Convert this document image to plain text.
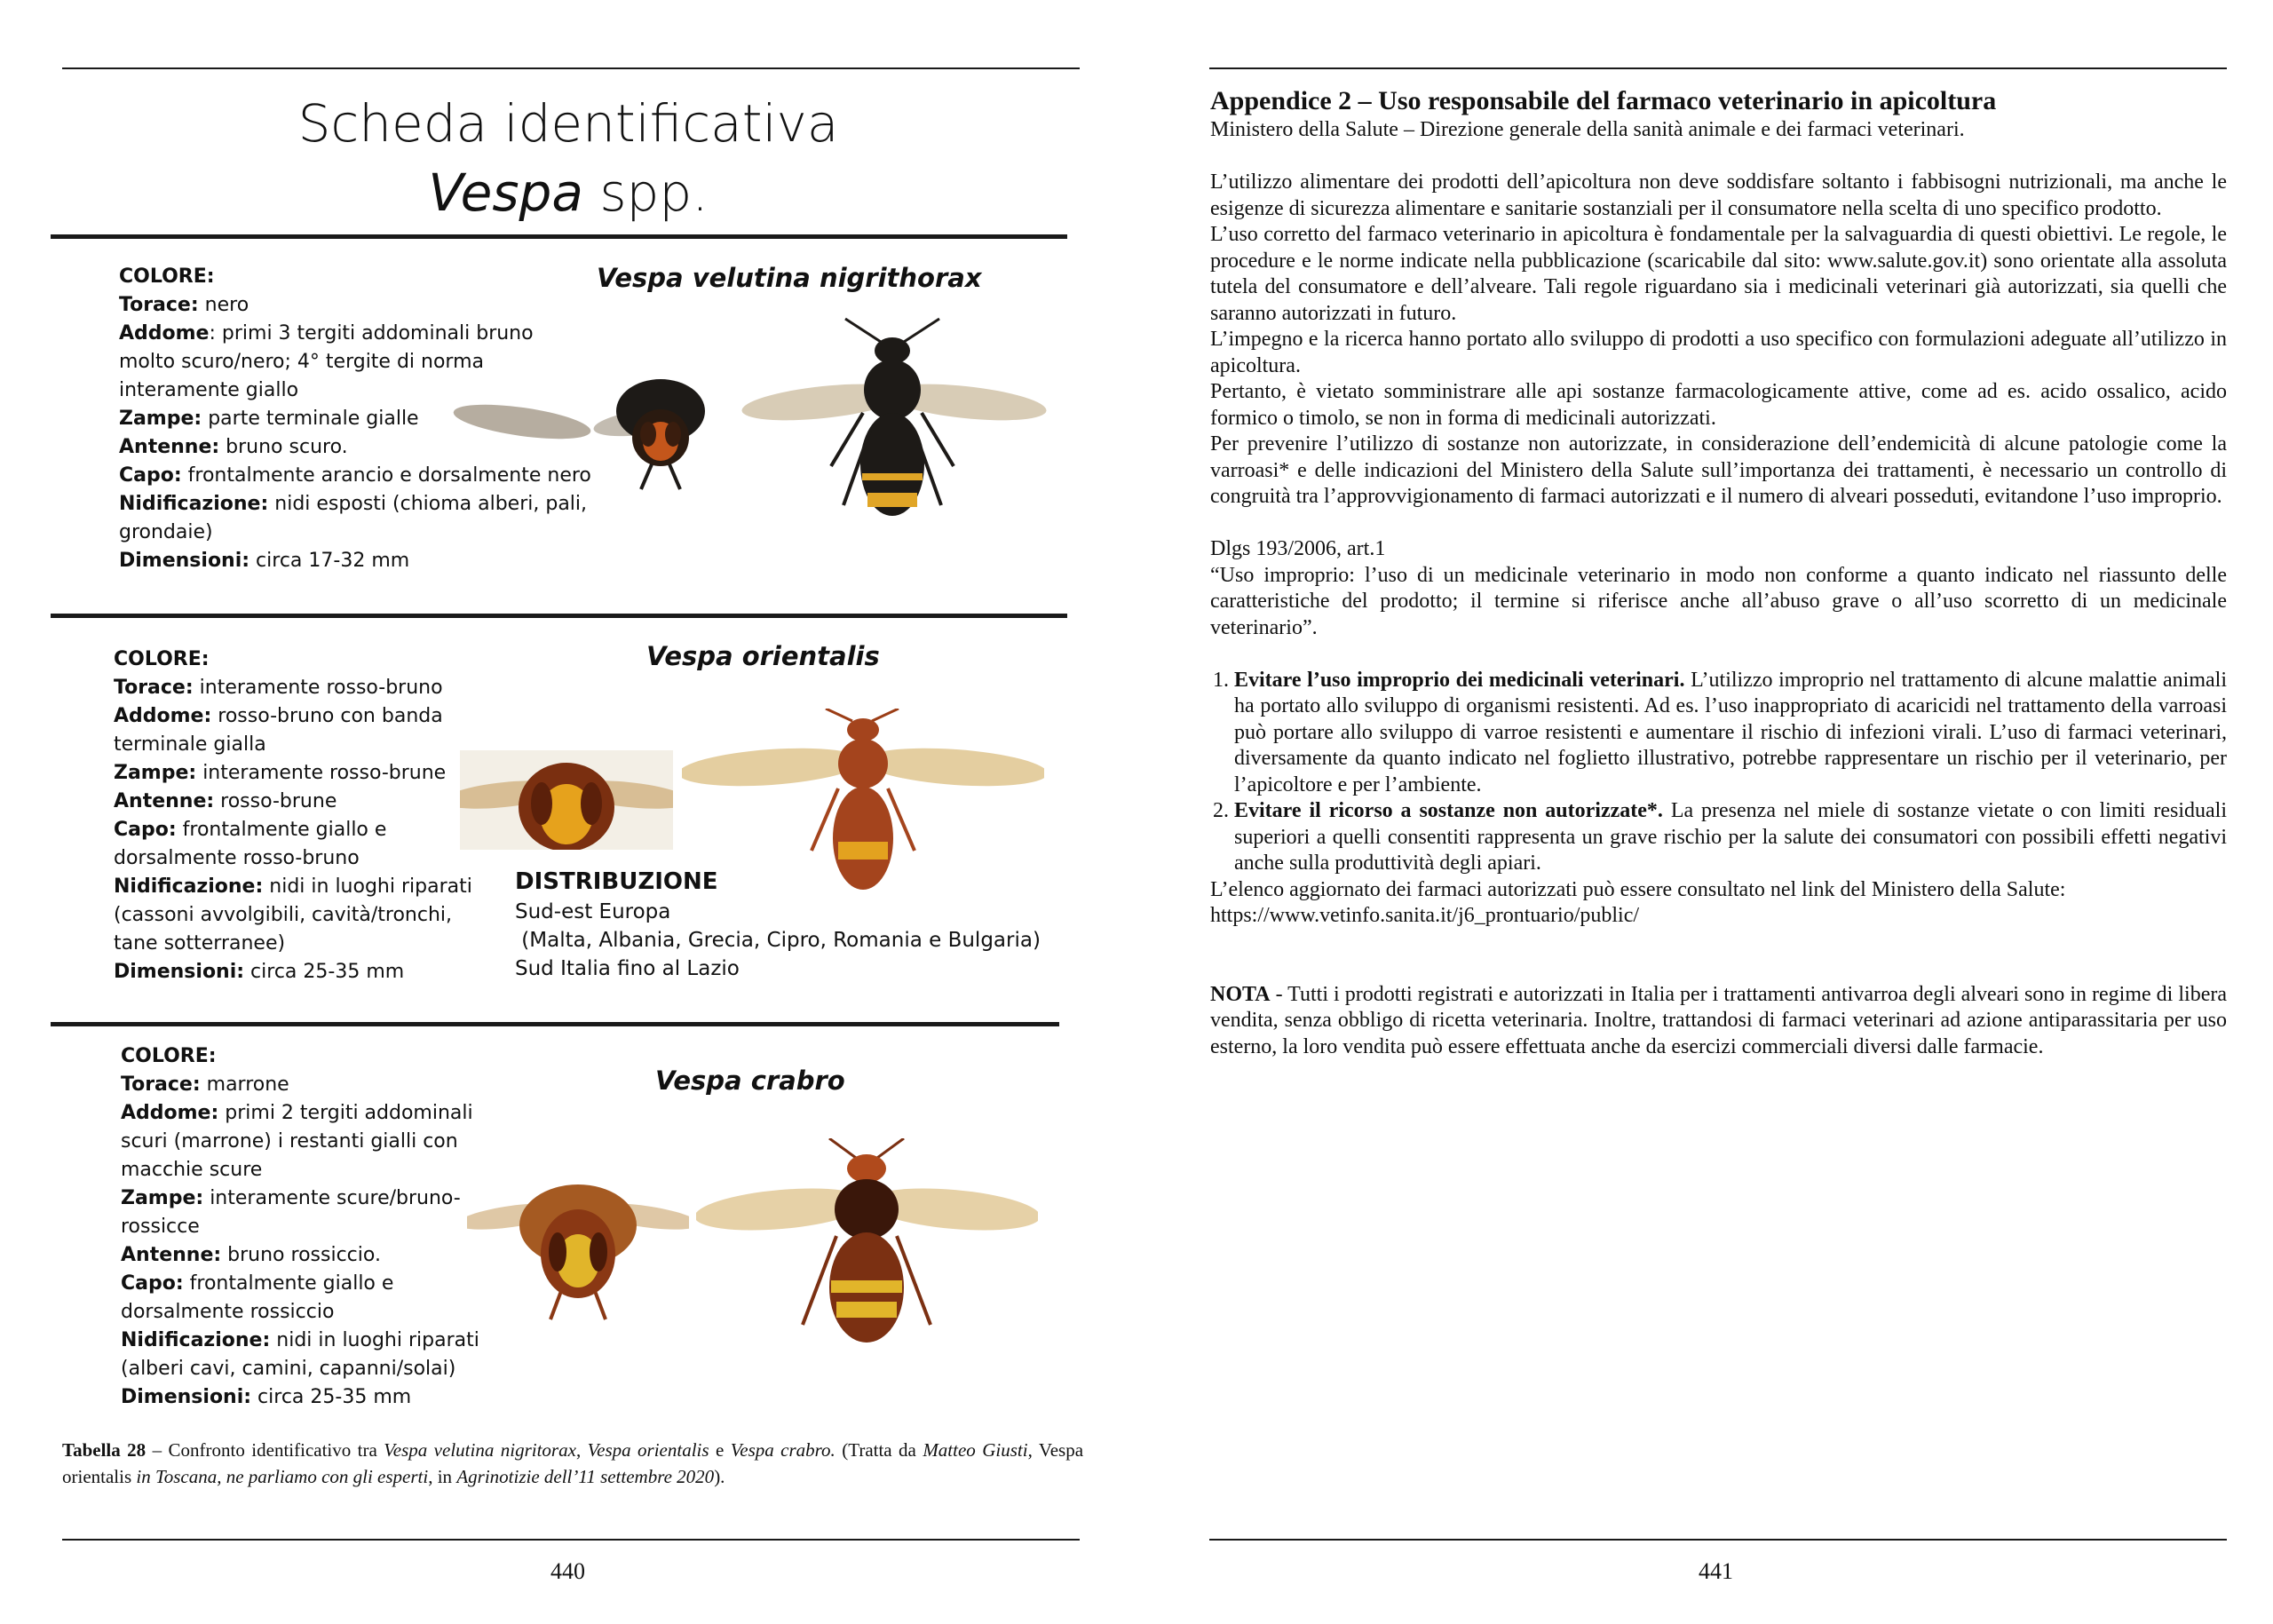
Scheda identificativa
Vespa spp.
Vespa velutina nigrithorax
COLORE:
Torace: nero
Addome: primi 3 tergiti addominali bruno
molto scuro/nero; 4° tergite di norma
interamente giallo
Zampe: parte terminale gialle
Antenne: bruno scuro.
Capo: frontalmente arancio e dorsalmente nero
Nidificazione: nidi esposti (chioma alberi, pali,
grondaie)
Dimensioni: circa 17-32 mm
Vespa orientalis
COLORE:
Torace: interamente rosso-bruno
Addome: rosso-bruno con banda
terminale gialla
Zampe: interamente rosso-brune
Antenne: rosso-brune
Capo: frontalmente giallo e
dorsalmente rosso-bruno
Nidificazione: nidi in luoghi riparati
(cassoni avvolgibili, cavità/tronchi,
tane sotterranee)
Dimensioni: circa 25-35 mm
DISTRIBUZIONE
Sud-est Europa
(Malta, Albania, Grecia, Cipro, Romania e Bulgaria)
Sud Italia fino al Lazio
Vespa crabro
COLORE:
Torace: marrone
Addome: primi 2 tergiti addominali
scuri (marrone) i restanti gialli con
macchie scure
Zampe: interamente scure/bruno-
rossicce
Antenne: bruno rossiccio.
Capo: frontalmente giallo e
dorsalmente rossiccio
Nidificazione: nidi in luoghi riparati
(alberi cavi, camini, capanni/solai)
Dimensioni: circa 25-35 mm
Tabella 28 – Confronto identificativo tra Vespa velutina nigritorax, Vespa orientalis e Vespa crabro. (Tratta da Matteo Giusti, Vespa orientalis in Toscana, ne parliamo con gli esperti, in Agrinotizie dell’11 settembre 2020).
440

Appendice 2 – Uso responsabile del farmaco veterinario in apicoltura

Ministero della Salute – Direzione generale della sanità animale e dei farmaci veterinari.

L’utilizzo alimentare dei prodotti dell’apicoltura non deve soddisfare soltanto i fabbisogni nutrizionali, ma anche le esigenze di sicurezza alimentare e sanitarie sostanziali per il consumatore nella scelta di uno specifico prodotto.

L’uso corretto del farmaco veterinario in apicoltura è fondamentale per la salvaguardia di questi obiettivi. Le regole, le procedure e le norme indicate nella pubblicazione (scaricabile dal sito: www.salute.gov.it) sono orientate alla assoluta tutela del consumatore e dell’alveare. Tali regole riguardano sia i medicinali veterinari già autorizzati, sia quelli che saranno autorizzati in futuro.

L’impegno e la ricerca hanno portato allo sviluppo di prodotti a uso specifico con formulazioni adeguate all’utilizzo in apicoltura.

Pertanto, è vietato somministrare alle api sostanze farmacologicamente attive, come ad es. acido ossalico, acido formico o timolo, se non in forma di medicinali autorizzati.

Per prevenire l’utilizzo di sostanze non autorizzate, in considerazione dell’endemicità di alcune patologie come la varroasi* e delle indicazioni del Ministero della Salute sull’importanza dei trattamenti, è necessario un controllo di congruità tra l’approvvigionamento di farmaci autorizzati e il numero di alveari posseduti, evitandone l’uso improprio.

Dlgs 193/2006, art.1

“Uso improprio: l’uso di un medicinale veterinario in modo non conforme a quanto indicato nel riassunto delle caratteristiche del prodotto; il termine si riferisce anche all’abuso grave o all’uso scorretto di un medicinale veterinario”.

1. Evitare l’uso improprio dei medicinali veterinari. L’utilizzo improprio nel trattamento di alcune malattie animali ha portato allo sviluppo di organismi resistenti. Ad es. l’uso inappropriato di acaricidi nel trattamento della varroasi può portare allo sviluppo di varroe resistenti e aumentare il rischio di infezioni virali. L’uso di farmaci veterinari, diversamente da quanto indicato nel foglietto illustrativo, potrebbe rappresentare un rischio per il veterinario, per l’apicoltore e per l’ambiente.
2. Evitare il ricorso a sostanze non autorizzate*. La presenza nel miele di sostanze vietate o con limiti residuali superiori a quelli consentiti rappresenta un grave rischio per la salute dei consumatori con possibili effetti negativi anche sulla produttività degli apiari.

L’elenco aggiornato dei farmaci autorizzati può essere consultato nel link del Ministero della Salute:

https://www.vetinfo.sanita.it/j6_prontuario/public/

NOTA - Tutti i prodotti registrati e autorizzati in Italia per i trattamenti antivarroa degli alveari sono in regime di libera vendita, senza obbligo di ricetta veterinaria. Inoltre, trattandosi di farmaci veterinari ad azione antiparassitaria per uso esterno, la loro vendita può essere effettuata anche da esercizi commerciali diversi dalle farmacie.

441
